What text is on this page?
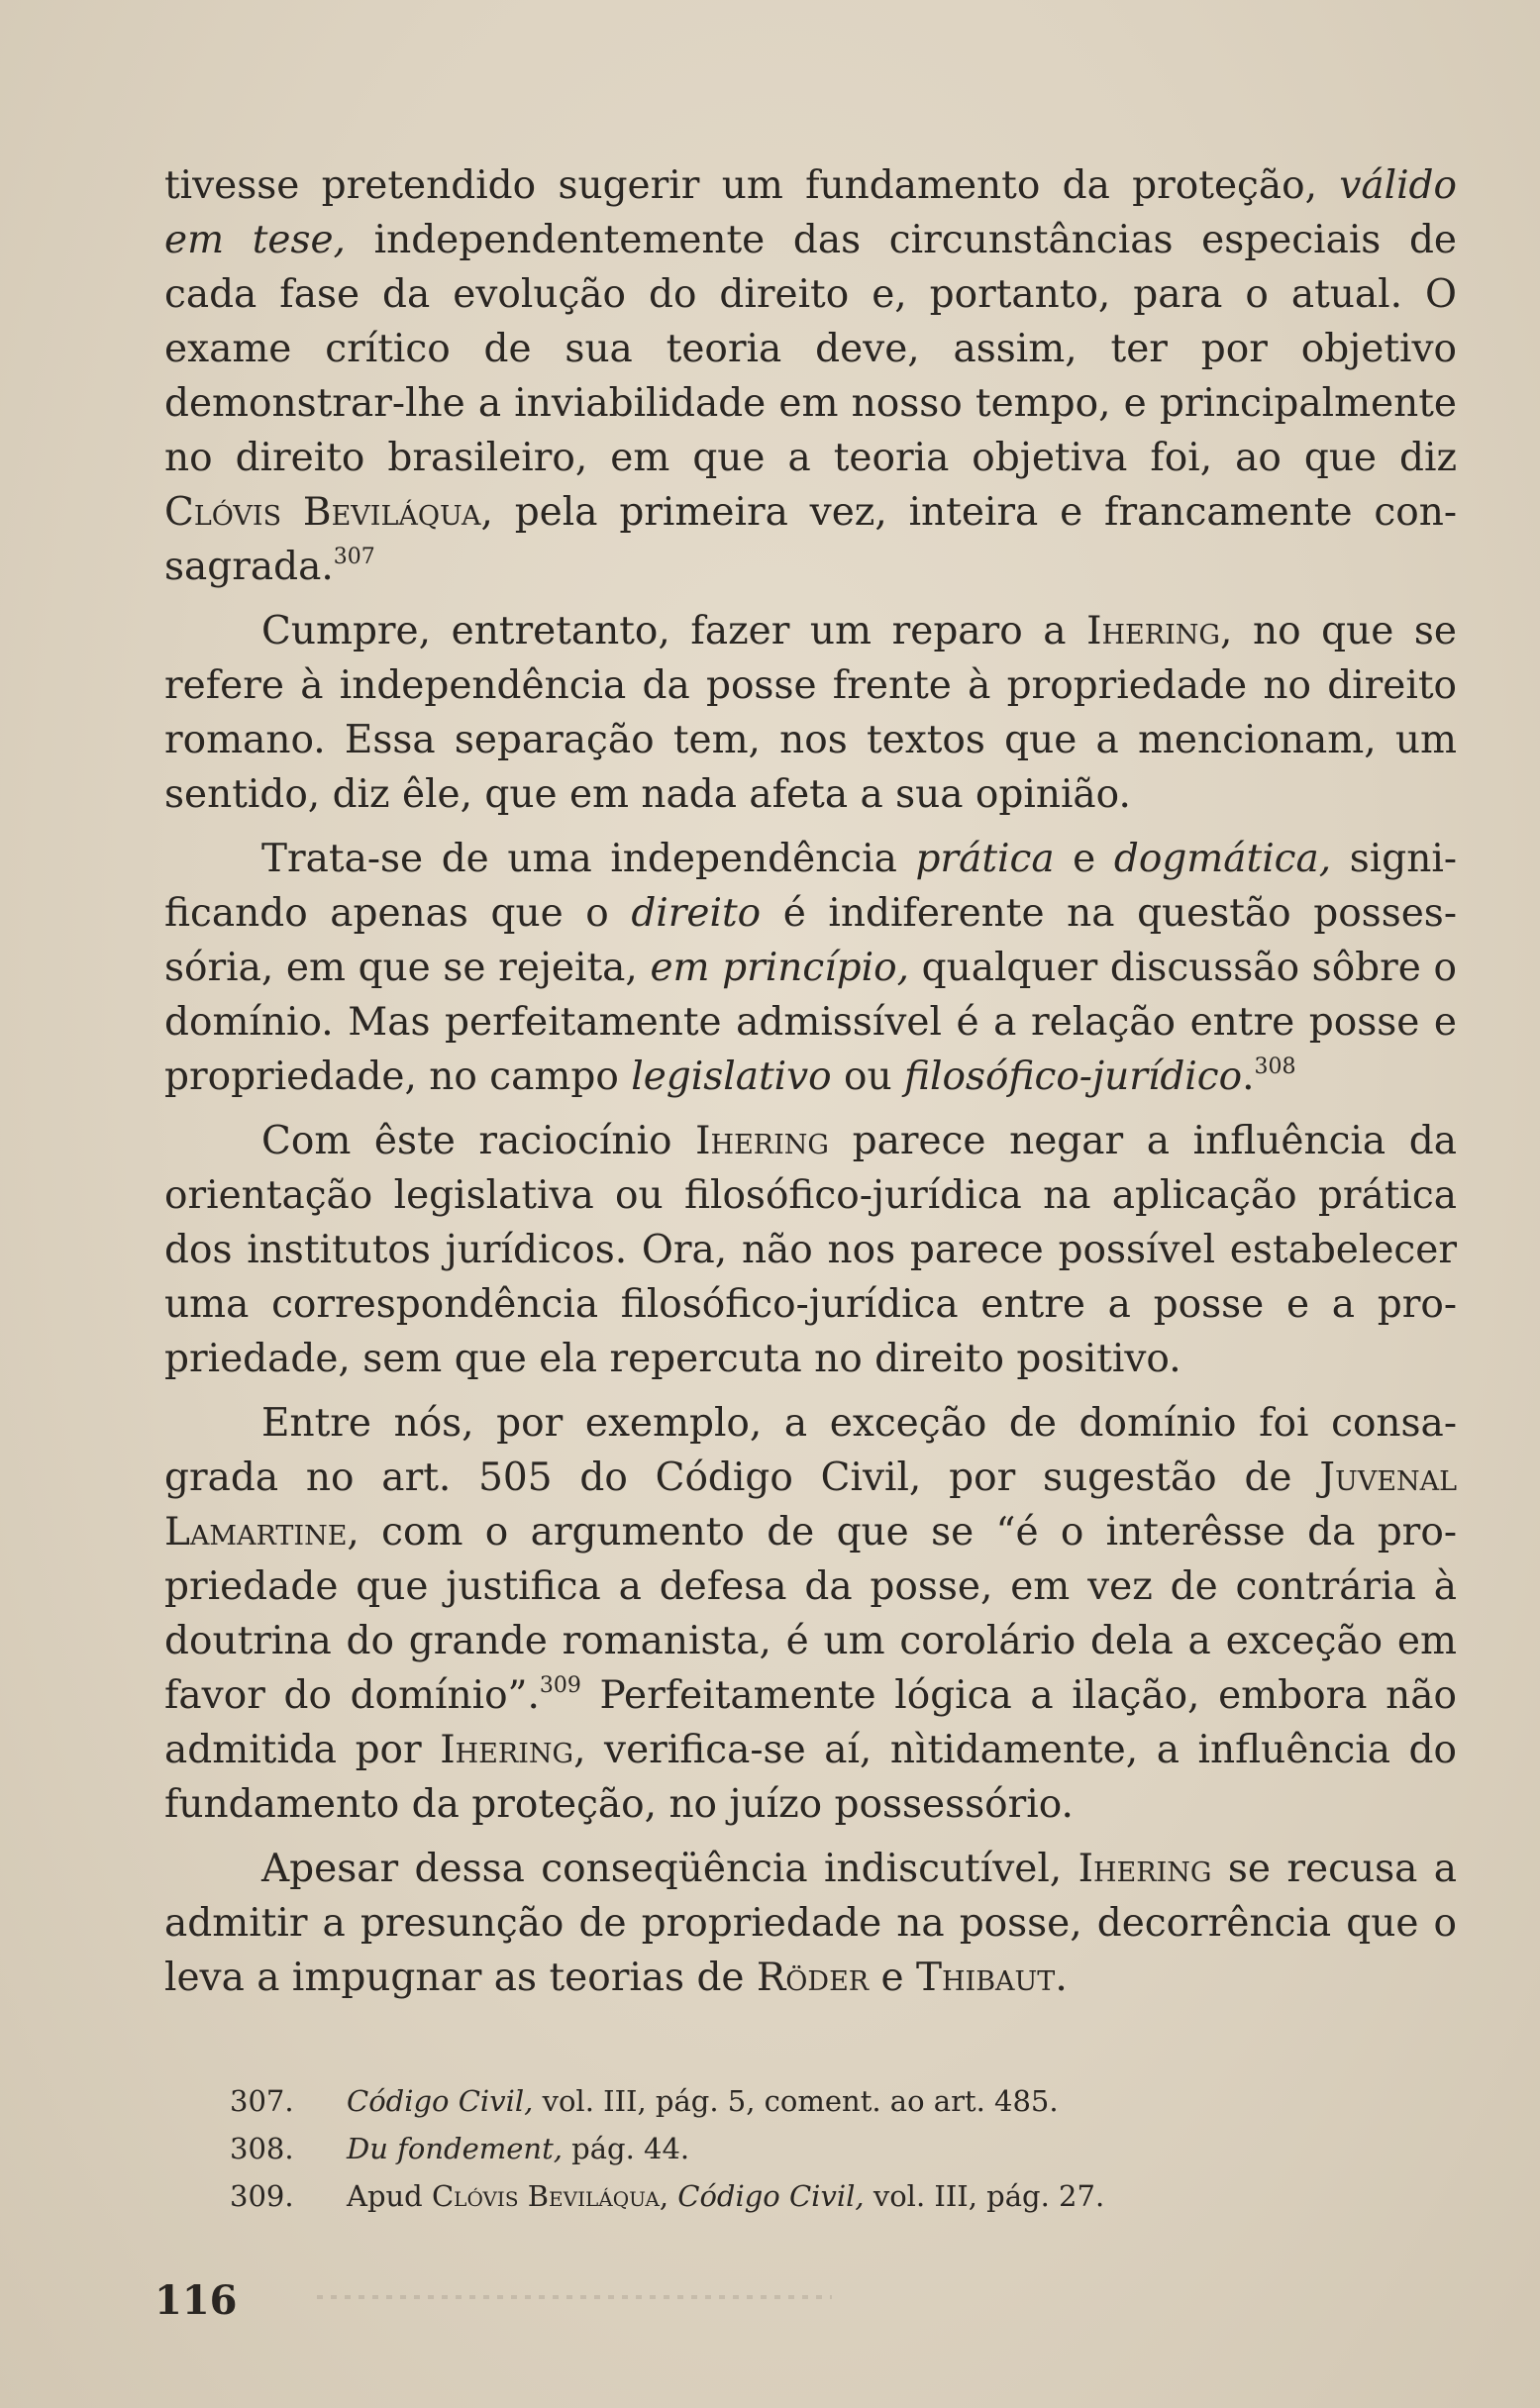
tivesse pretendido sugerir um fundamento da proteção, válido em tese, independentemente das circunstâncias especiais de cada fase da evolução do direito e, portanto, para o atual. O exame crítico de sua teoria deve, assim, ter por objetivo demonstrar-lhe a inviabilidade em nosso tempo, e principalmente no direito brasileiro, em que a teoria objetiva foi, ao que diz Clóvis Beviláqua, pela primeira vez, inteira e francamente consagrada.$^{307}$

Cumpre, entretanto, fazer um reparo a Ihering, no que se refere à independência da posse frente à propriedade no direito romano. Essa separação tem, nos textos que a mencionam, um sentido, diz êle, que em nada afeta a sua opinião.

Trata-se de uma independência prática e dogmática, significando apenas que o direito é indiferente na questão possessória, em que se rejeita, em princípio, qualquer discussão sôbre o domínio. Mas perfeitamente admissível é a relação entre posse e propriedade, no campo legislativo ou filosófico-jurídico.$^{308}$

Com êste raciocínio Ihering parece negar a influência da orientação legislativa ou filosófico-jurídica na aplicação prática dos institutos jurídicos. Ora, não nos parece possível estabelecer uma correspondência filosófico-jurídica entre a posse e a propriedade, sem que ela repercuta no direito positivo.

Entre nós, por exemplo, a exceção de domínio foi consagrada no art. 505 do Código Civil, por sugestão de Juvenal Lamartine, com o argumento de que se “é o interêsse da propriedade que justifica a defesa da posse, em vez de contrária à doutrina do grande romanista, é um corolário dela a exceção em favor do domínio”.$^{309}$ Perfeitamente lógica a ilação, embora não admitida por Ihering, verifica-se aí, nìtidamente, a influência do fundamento da proteção, no juízo possessório.

Apesar dessa conseqüência indiscutível, Ihering se recusa a admitir a presunção de propriedade na posse, decorrência que o leva a impugnar as teorias de Röder e Thibaut.

307.	Código Civil, vol. III, pág. 5, coment. ao art. 485.
308.	Du fondement, pág. 44.
309.	Apud Clóvis Beviláqua, Código Civil, vol. III, pág. 27.
116
